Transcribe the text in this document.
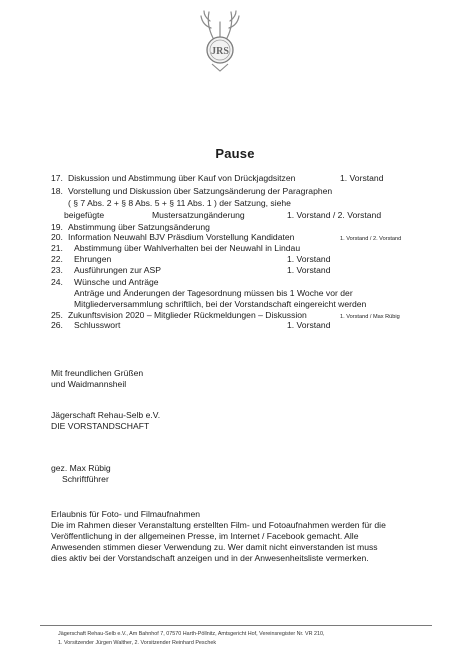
JRS
Pause
17. Diskussion und Abstimmung über Kauf von Drückjagdsitzen	1. Vorstand
18. Vorstellung und Diskussion über Satzungsänderung der Paragraphen
( § 7 Abs. 2 + § 8 Abs. 5 + § 11 Abs. 1 ) der Satzung, siehe
beigefügte	Mustersatzungänderung	1. Vorstand / 2. Vorstand
19. Abstimmung über Satzungsänderung
20. Information Neuwahl BJV Präsdium Vorstellung Kandidaten	1. Vorstand / 2. Vorstand
21. Abstimmung über Wahlverhalten bei der Neuwahl in Lindau
22. Ehrungen	1. Vorstand
23. Ausführungen zur ASP	1. Vorstand
24. Wünsche und Anträge
Anträge und Änderungen der Tagesordnung müssen bis 1 Woche vor der
Mitgliederversammlung schriftlich, bei der Vorstandschaft eingereicht werden
25. Zukunftsvision 2020 – Mitglieder Rückmeldungen – Diskussion	1. Vorstand / Max Rübig
26. Schlusswort	1. Vorstand
Mit freundlichen Grüßen
und Waidmannsheil
Jägerschaft Rehau-Selb e.V.
DIE VORSTANDSCHAFT
gez. Max Rübig
Schriftführer
Erlaubnis für Foto- und Filmaufnahmen
Die im Rahmen dieser Veranstaltung erstellten Film- und Fotoaufnahmen werden für die
Veröffentlichung in der allgemeinen Presse, im Internet / Facebook gemacht. Alle
Anwesenden stimmen dieser Verwendung zu. Wer damit nicht einverstanden ist muss
dies aktiv bei der Vorstandschaft anzeigen und in der Anwesenheitsliste vermerken.
Jägerschaft Rehau-Selb e.V., Am Bahnhof 7, 07570 Harth-Pöllnitz, Amtsgericht Hof, Vereinsregister Nr. VR 210,
1. Vorsitzender Jürgen Walther, 2. Vorsitzender Reinhard Peschek
